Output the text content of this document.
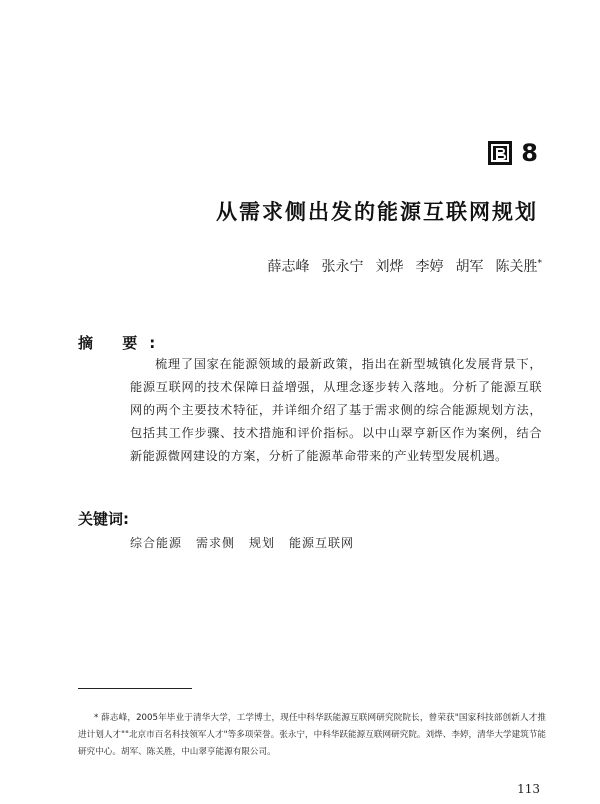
8
从需求侧出发的能源互联网规划
薛志峰 张永宁 刘烨 李婷 胡军 陈关胜*
摘 要:
梳理了国家在能源领域的最新政策，指出在新型城镇化发展背景下，能源互联网的技术保障日益增强，从理念逐步转入落地。分析了能源互联网的两个主要技术特征，并详细介绍了基于需求侧的综合能源规划方法，包括其工作步骤、技术措施和评价指标。以中山翠亨新区作为案例，结合新能源微网建设的方案，分析了能源革命带来的产业转型发展机遇。
关键词:
综合能源 需求侧 规划 能源互联网
* 薛志峰，2005年毕业于清华大学，工学博士，现任中科华跃能源互联网研究院院长，曾荣获"国家科技部创新人才推进计划人才""北京市百名科技领军人才"等多项荣誉。张永宁，中科华跃能源互联网研究院。刘烨、李婷，清华大学建筑节能研究中心。胡军、陈关胜，中山翠亨能源有限公司。
113
